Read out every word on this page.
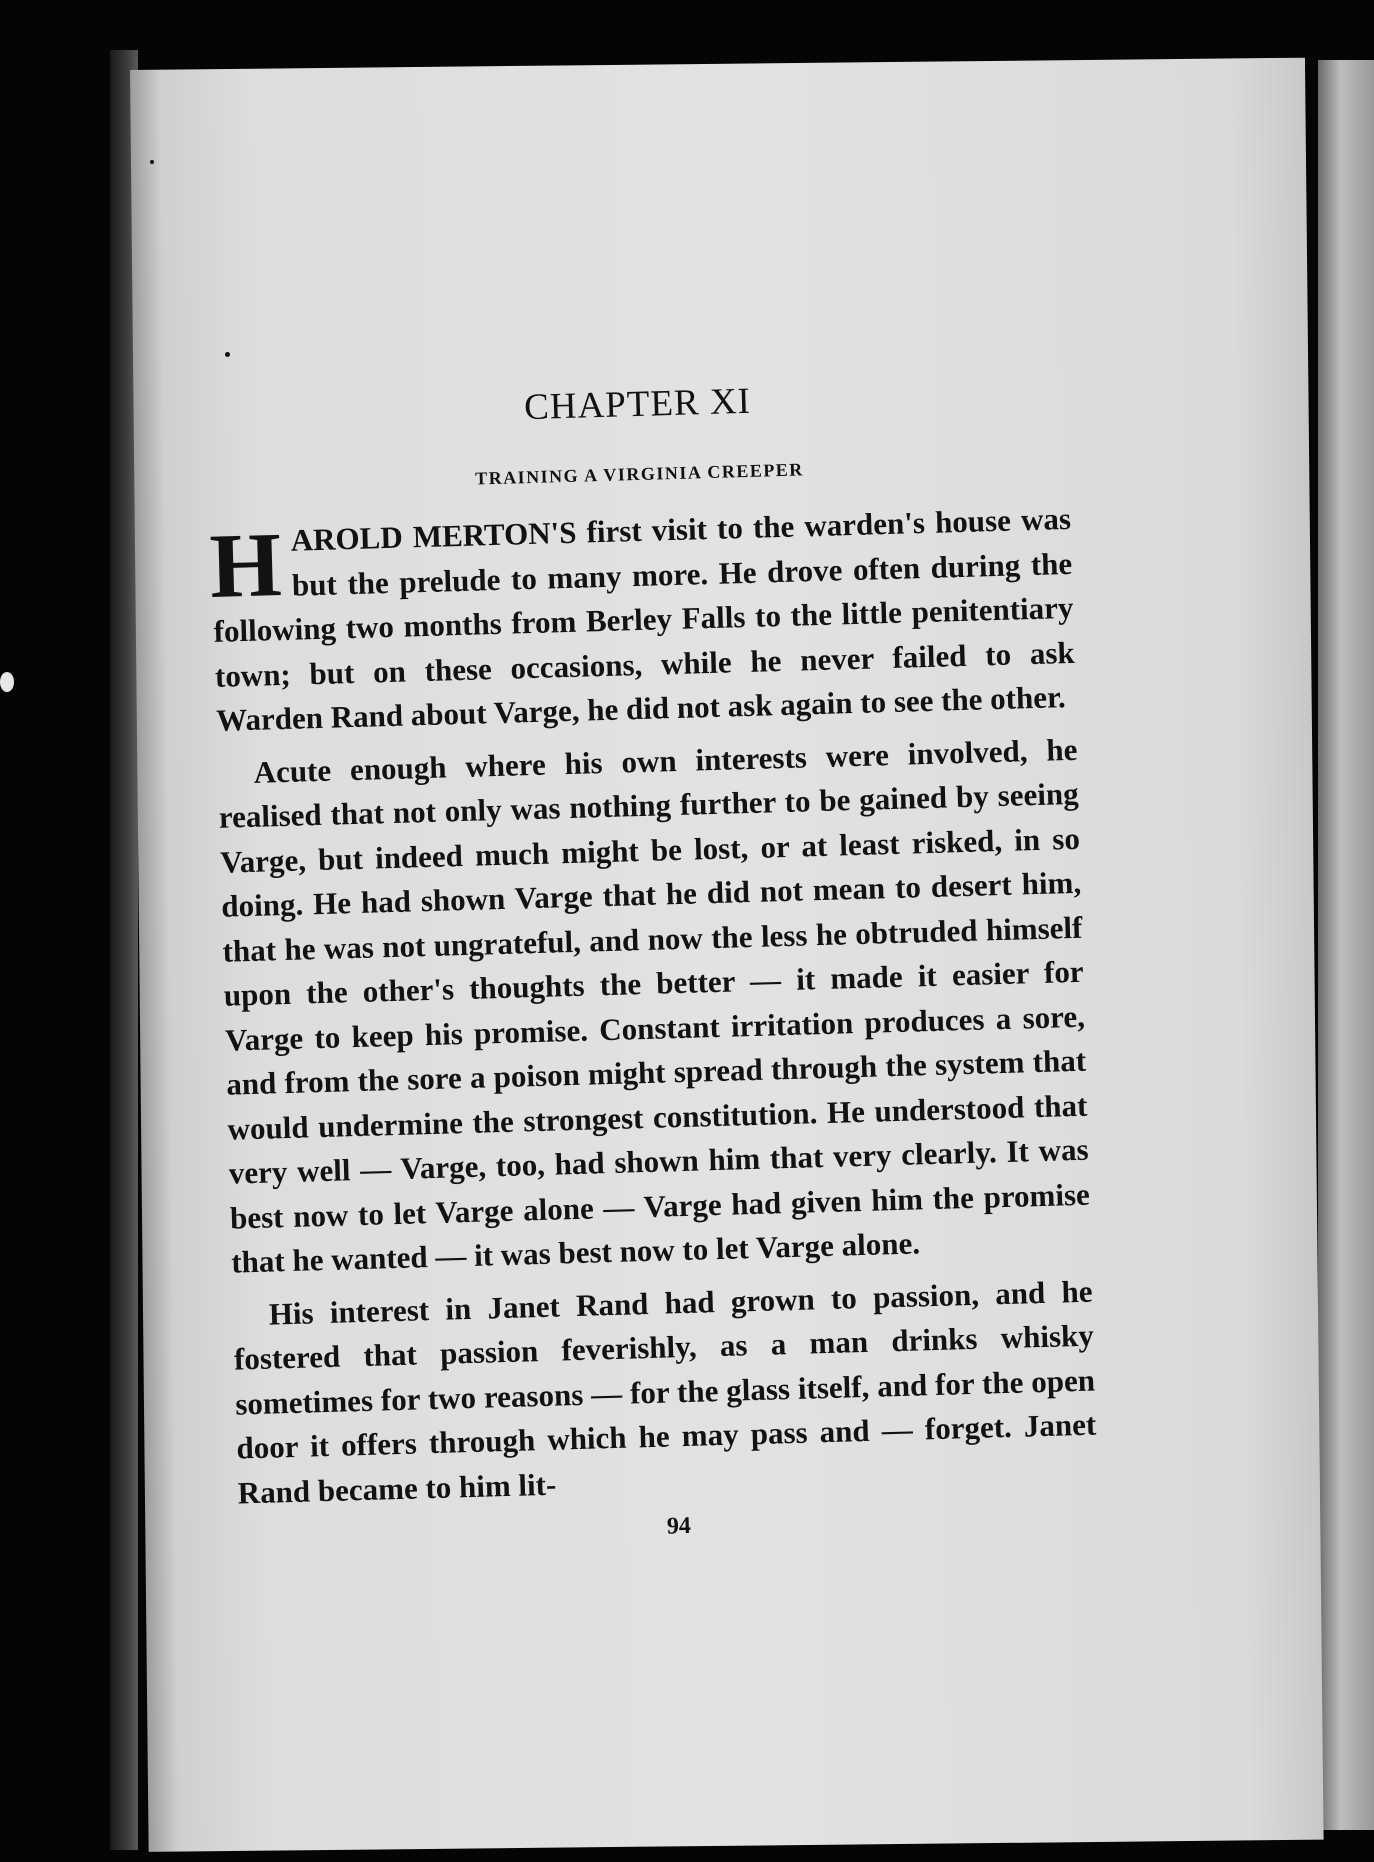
CHAPTER XI
TRAINING A VIRGINIA CREEPER

HAROLD MERTON'S first visit to the warden's house was but the prelude to many more. He drove often during the following two months from Berley Falls to the little penitentiary town; but on these occasions, while he never failed to ask Warden Rand about Varge, he did not ask again to see the other.

Acute enough where his own interests were involved, he realised that not only was nothing further to be gained by seeing Varge, but indeed much might be lost, or at least risked, in so doing. He had shown Varge that he did not mean to desert him, that he was not ungrateful, and now the less he obtruded himself upon the other's thoughts the better — it made it easier for Varge to keep his promise. Constant irritation produces a sore, and from the sore a poison might spread through the system that would undermine the strongest constitution. He understood that very well — Varge, too, had shown him that very clearly. It was best now to let Varge alone — Varge had given him the promise that he wanted — it was best now to let Varge alone.

His interest in Janet Rand had grown to passion, and he fostered that passion feverishly, as a man drinks whisky sometimes for two reasons — for the glass itself, and for the open door it offers through which he may pass and — forget. Janet Rand became to him lit-

94
